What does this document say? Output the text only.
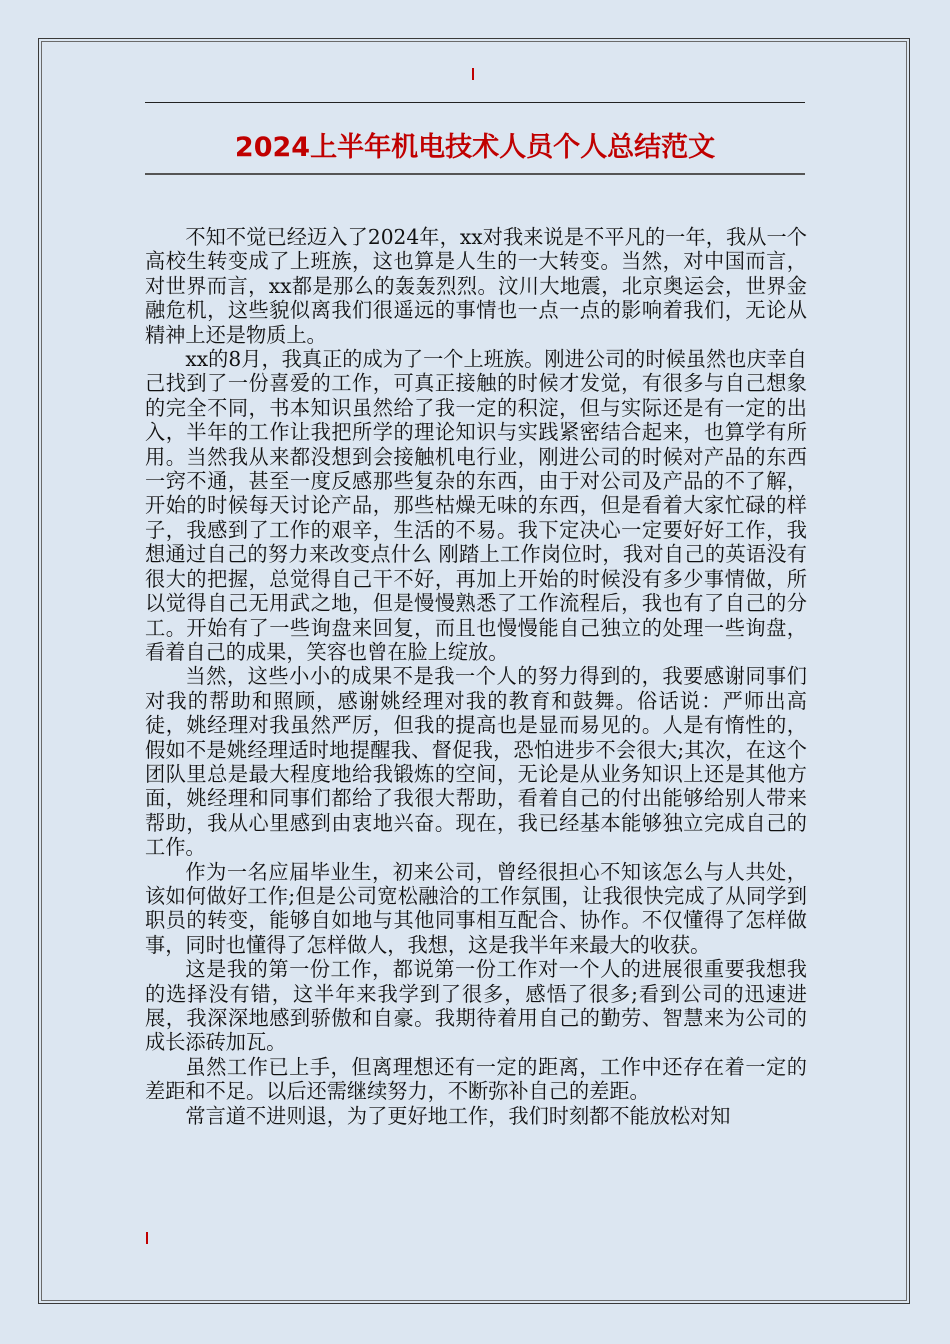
2024上半年机电技术人员个人总结范文

不知不觉已经迈入了2024年，xx对我来说是不平凡的一年，我从一个高校生转变成了上班族，这也算是人生的一大转变。当然，对中国而言，对世界而言，xx都是那么的轰轰烈烈。汶川大地震，北京奥运会，世界金融危机，这些貌似离我们很遥远的事情也一点一点的影响着我们，无论从精神上还是物质上。

xx的8月，我真正的成为了一个上班族。刚进公司的时候虽然也庆幸自己找到了一份喜爱的工作，可真正接触的时候才发觉，有很多与自己想象的完全不同，书本知识虽然给了我一定的积淀，但与实际还是有一定的出入，半年的工作让我把所学的理论知识与实践紧密结合起来，也算学有所用。当然我从来都没想到会接触机电行业，刚进公司的时候对产品的东西一窍不通，甚至一度反感那些复杂的东西，由于对公司及产品的不了解，开始的时候每天讨论产品，那些枯燥无味的东西，但是看着大家忙碌的样子，我感到了工作的艰辛，生活的不易。我下定决心一定要好好工作，我想通过自己的努力来改变点什么 刚踏上工作岗位时，我对自己的英语没有很大的把握，总觉得自己干不好，再加上开始的时候没有多少事情做，所以觉得自己无用武之地，但是慢慢熟悉了工作流程后，我也有了自己的分工。开始有了一些询盘来回复，而且也慢慢能自己独立的处理一些询盘，看着自己的成果，笑容也曾在脸上绽放。

当然，这些小小的成果不是我一个人的努力得到的，我要感谢同事们对我的帮助和照顾，感谢姚经理对我的教育和鼓舞。俗话说：严师出高徒，姚经理对我虽然严厉，但我的提高也是显而易见的。人是有惰性的，假如不是姚经理适时地提醒我、督促我，恐怕进步不会很大;其次，在这个团队里总是最大程度地给我锻炼的空间，无论是从业务知识上还是其他方面，姚经理和同事们都给了我很大帮助，看着自己的付出能够给别人带来帮助，我从心里感到由衷地兴奋。现在，我已经基本能够独立完成自己的工作。

作为一名应届毕业生，初来公司，曾经很担心不知该怎么与人共处，该如何做好工作;但是公司宽松融洽的工作氛围，让我很快完成了从同学到职员的转变，能够自如地与其他同事相互配合、协作。不仅懂得了怎样做事，同时也懂得了怎样做人，我想，这是我半年来最大的收获。

这是我的第一份工作，都说第一份工作对一个人的进展很重要我想我的选择没有错，这半年来我学到了很多，感悟了很多;看到公司的迅速进展，我深深地感到骄傲和自豪。我期待着用自己的勤劳、智慧来为公司的成长添砖加瓦。

虽然工作已上手，但离理想还有一定的距离，工作中还存在着一定的差距和不足。以后还需继续努力，不断弥补自己的差距。

常言道不进则退，为了更好地工作，我们时刻都不能放松对知
